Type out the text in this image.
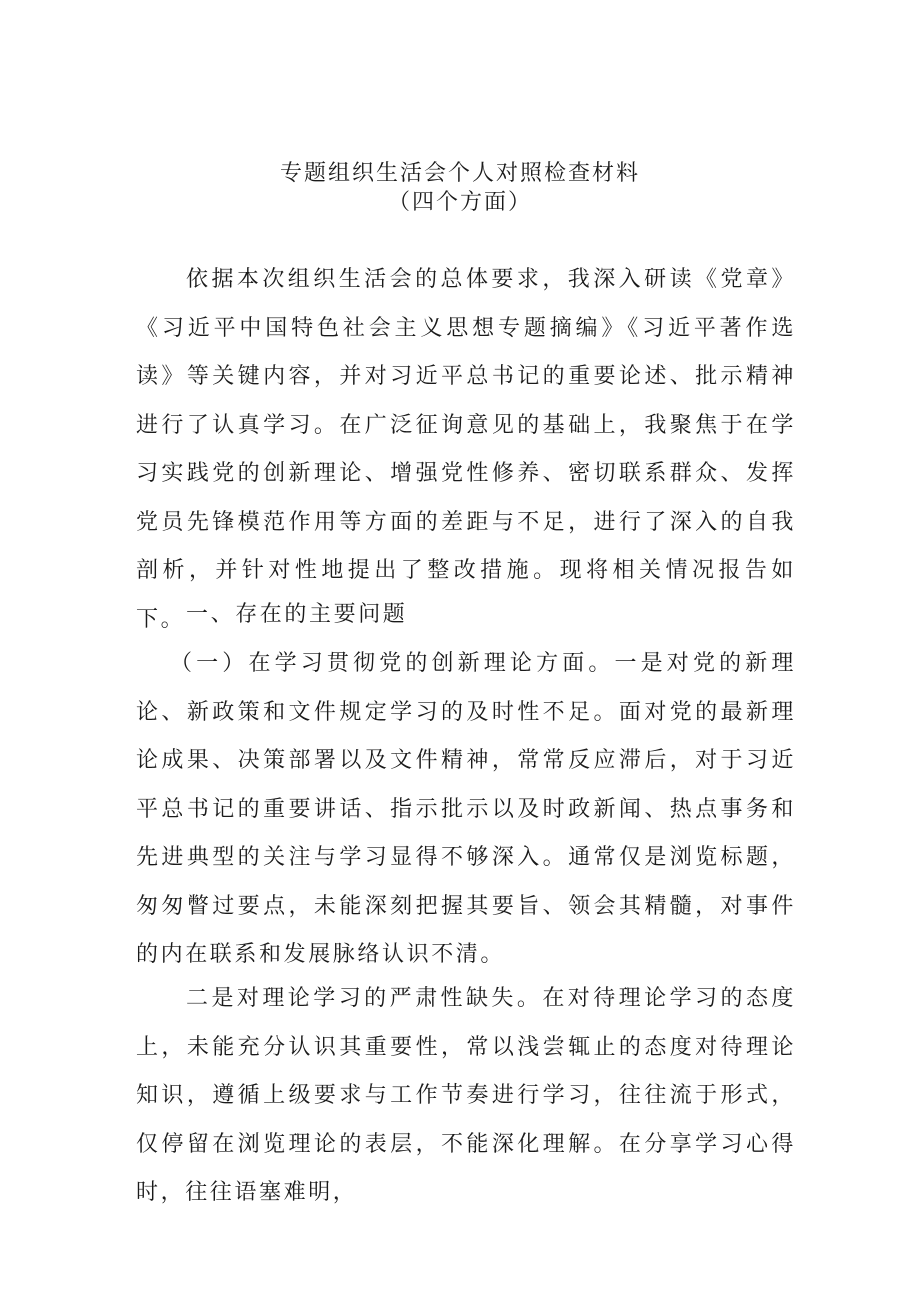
专题组织生活会个人对照检查材料
（四个方面）

依据本次组织生活会的总体要求，我深入研读《党章》《习近平中国特色社会主义思想专题摘编》《习近平著作选读》等关键内容，并对习近平总书记的重要论述、批示精神进行了认真学习。在广泛征询意见的基础上，我聚焦于在学习实践党的创新理论、增强党性修养、密切联系群众、发挥党员先锋模范作用等方面的差距与不足，进行了深入的自我剖析，并针对性地提出了整改措施。现将相关情况报告如下。 一、存在的主要问题

（一）在学习贯彻党的创新理论方面。一是对党的新理论、新政策和文件规定学习的及时性不足。面对党的最新理论成果、决策部署以及文件精神，常常反应滞后，对于习近平总书记的重要讲话、指示批示以及时政新闻、热点事务和先进典型的关注与学习显得不够深入。通常仅是浏览标题，匆匆瞥过要点，未能深刻把握其要旨、领会其精髓，对事件的内在联系和发展脉络认识不清。

二是对理论学习的严肃性缺失。在对待理论学习的态度上，未能充分认识其重要性，常以浅尝辄止的态度对待理论知识，遵循上级要求与工作节奏进行学习，往往流于形式，仅停留在浏览理论的表层，不能深化理解。在分享学习心得时，往往语塞难明，
